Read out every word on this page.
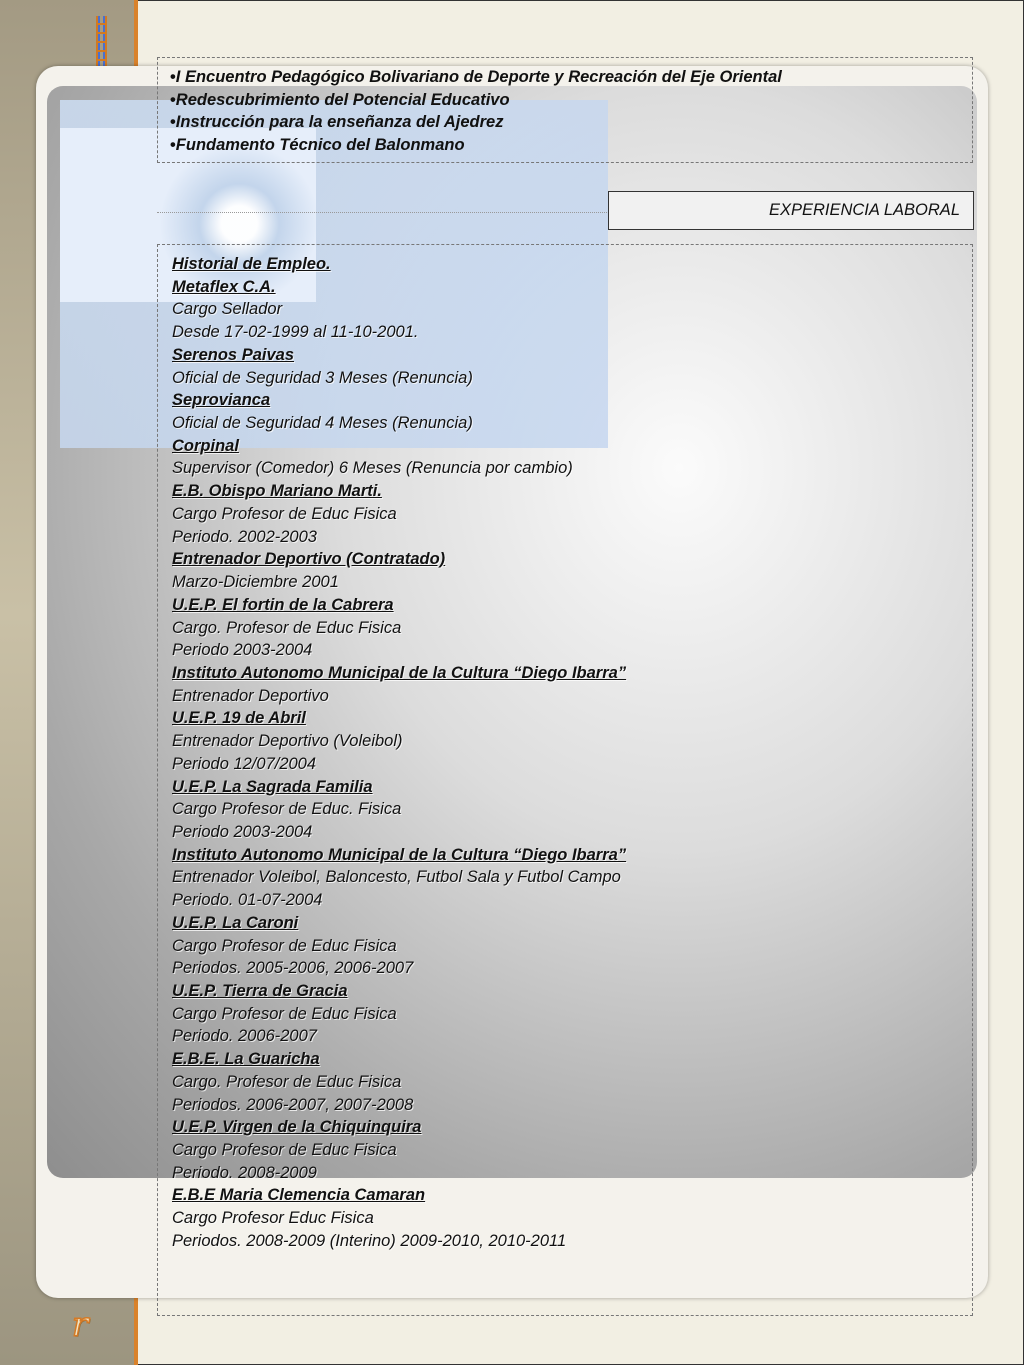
r
• I Encuentro Pedagógico Bolivariano de Deporte y Recreación del Eje Oriental
• Redescubrimiento del Potencial Educativo
• Instrucción para la enseñanza del Ajedrez
• Fundamento Técnico del Balonmano
EXPERIENCIA LABORAL
Historial de Empleo.
Metaflex C.A.
Cargo Sellador
Desde 17-02-1999 al 11-10-2001.
Serenos Paivas
Oficial de Seguridad 3 Meses (Renuncia)
Seprovianca
Oficial de Seguridad 4 Meses (Renuncia)
Corpinal
Supervisor (Comedor) 6 Meses (Renuncia por cambio)
E.B. Obispo Mariano Marti.
Cargo Profesor de Educ Fisica
Periodo. 2002-2003
Entrenador Deportivo (Contratado)
Marzo-Diciembre 2001
U.E.P. El fortin de la Cabrera
Cargo. Profesor de Educ Fisica
Periodo 2003-2004
Instituto Autonomo Municipal de la Cultura “Diego Ibarra”
Entrenador Deportivo
U.E.P. 19 de Abril
Entrenador Deportivo (Voleibol)
Periodo 12/07/2004
U.E.P. La Sagrada Familia
Cargo Profesor de Educ. Fisica
Periodo 2003-2004
Instituto Autonomo Municipal de la Cultura “Diego Ibarra”
Entrenador Voleibol, Baloncesto, Futbol Sala y Futbol Campo
Periodo. 01-07-2004
U.E.P. La Caroni
Cargo Profesor de Educ Fisica
Periodos. 2005-2006, 2006-2007
U.E.P. Tierra de Gracia
Cargo Profesor de Educ Fisica
Periodo. 2006-2007
E.B.E. La Guaricha
Cargo. Profesor de Educ Fisica
Periodos. 2006-2007, 2007-2008
U.E.P. Virgen de la Chiquinquira
Cargo Profesor de Educ Fisica
Periodo. 2008-2009
E.B.E Maria Clemencia Camaran
Cargo Profesor Educ Fisica
Periodos. 2008-2009 (Interino) 2009-2010, 2010-2011
